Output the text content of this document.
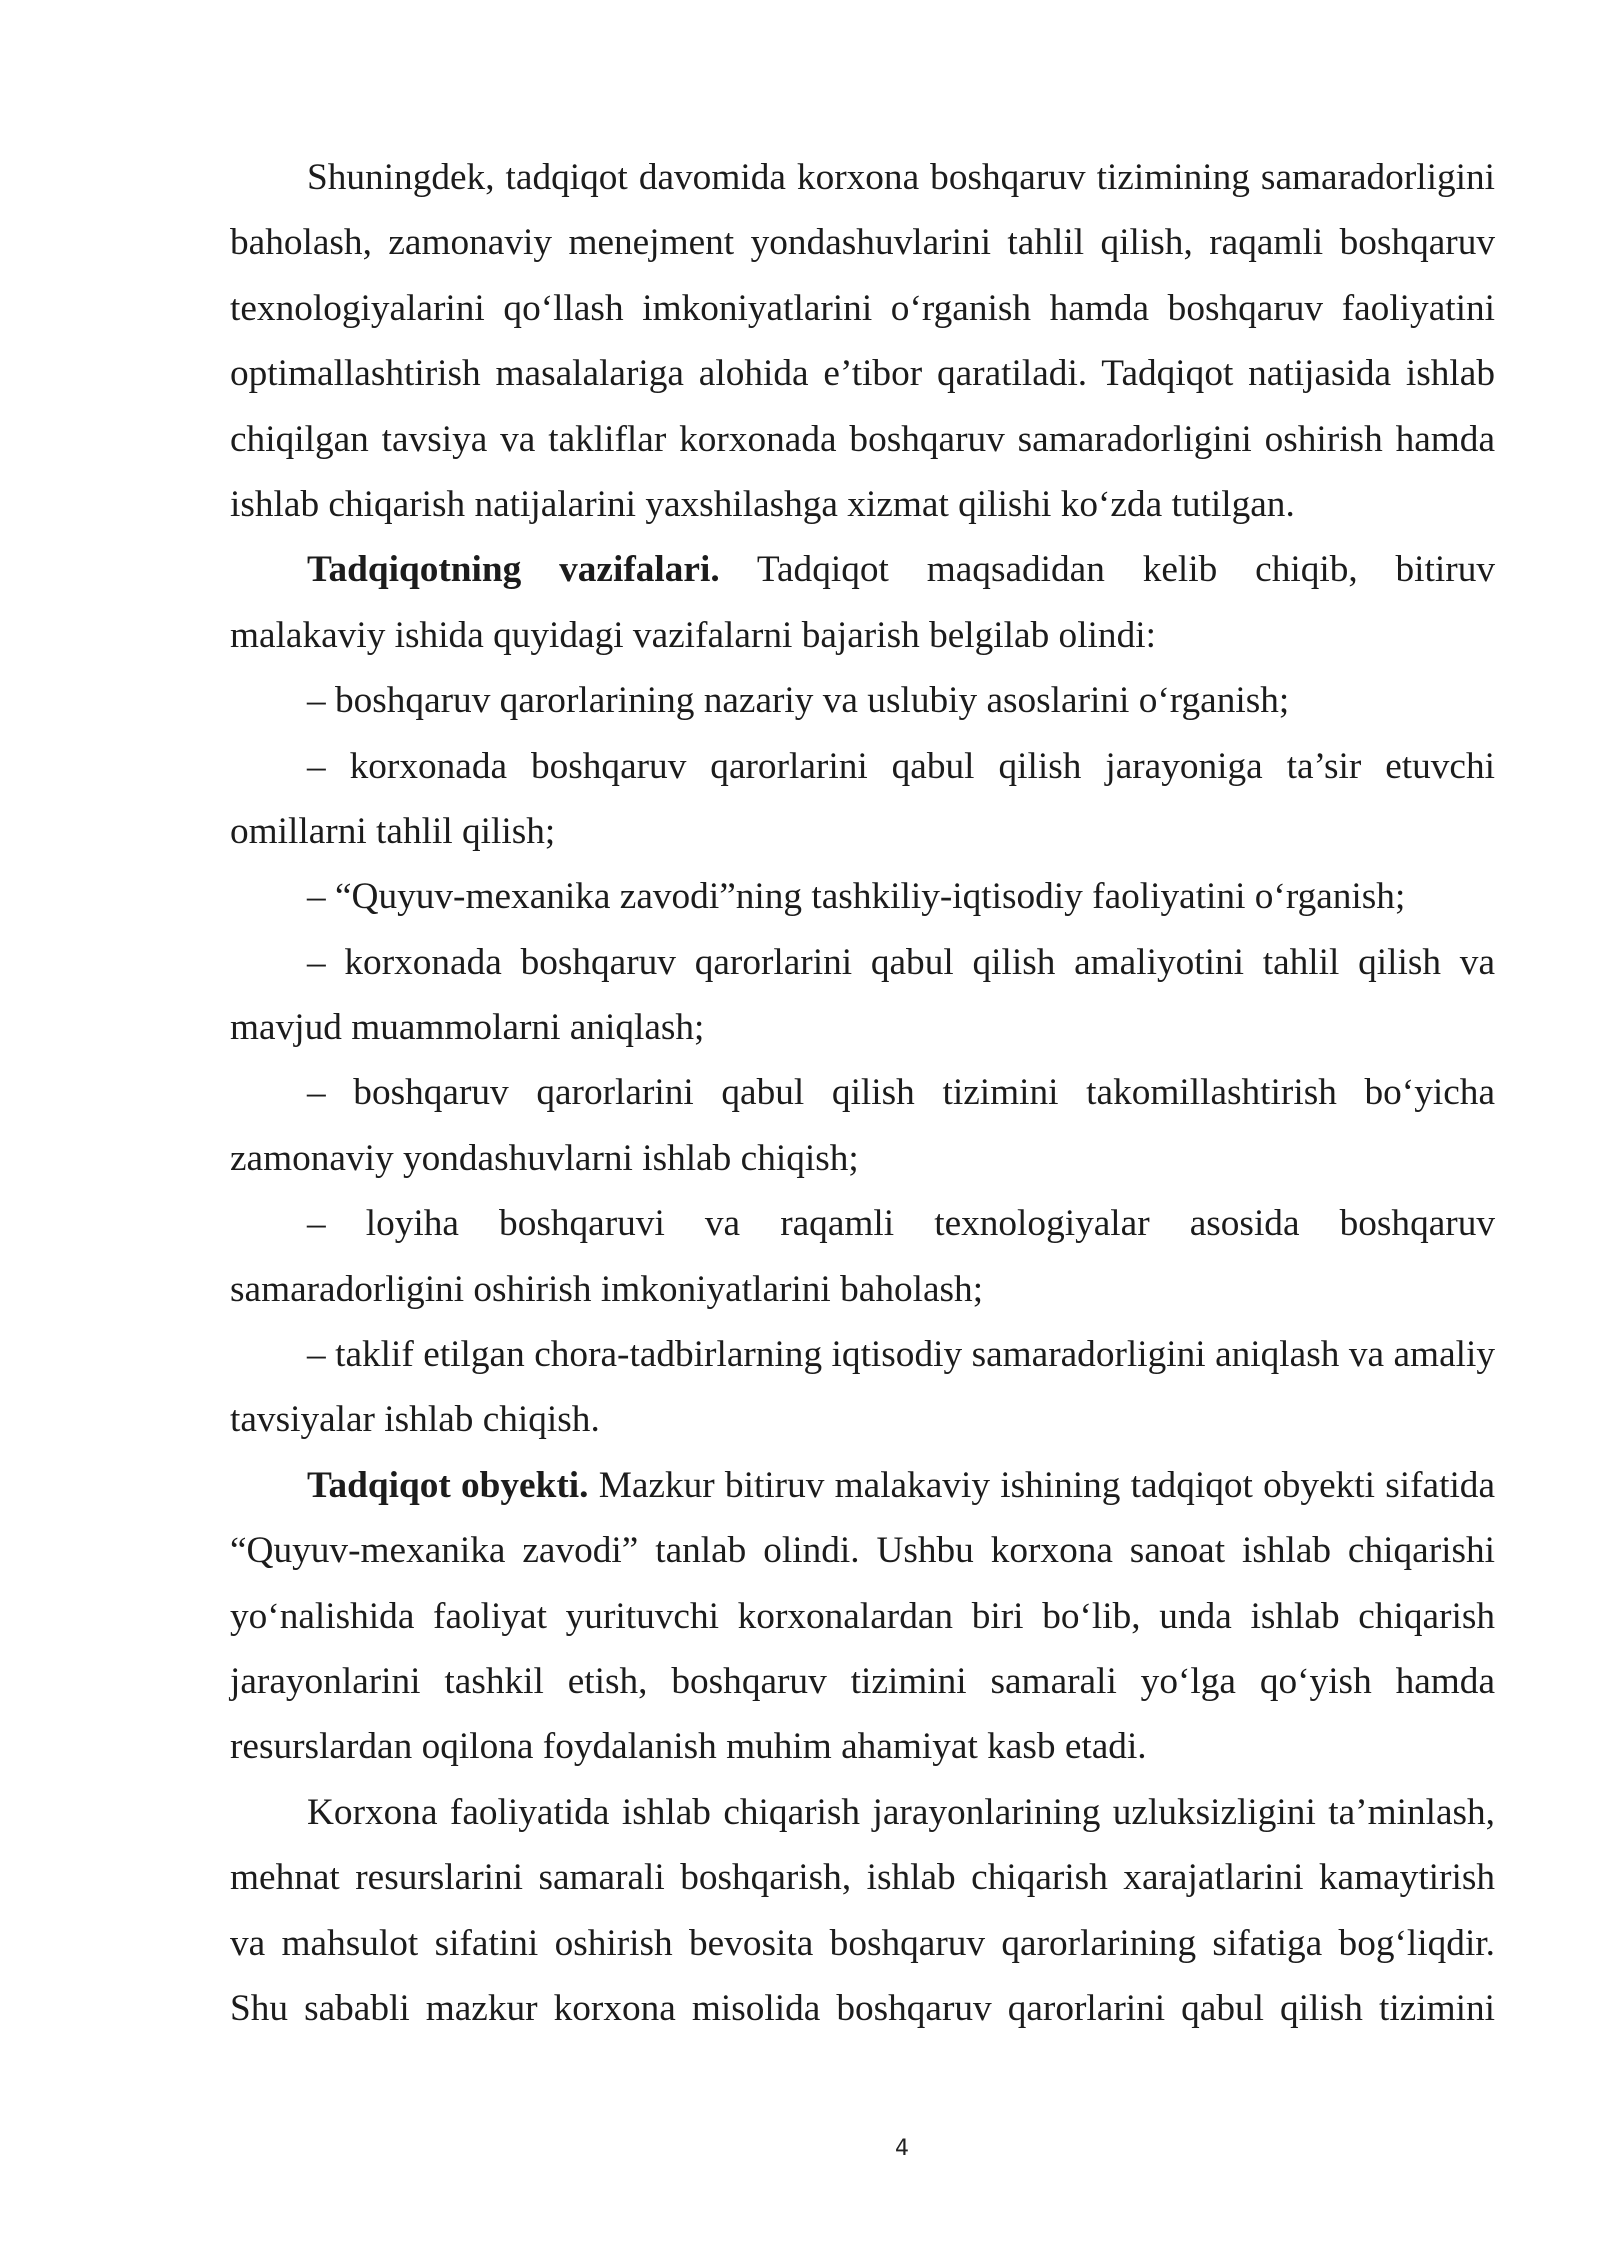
Shuningdek, tadqiqot davomida korxona boshqaruv tizimining samaradorligini
baholash, zamonaviy menejment yondashuvlarini tahlil qilish, raqamli boshqaruv
texnologiyalarini qo‘llash imkoniyatlarini o‘rganish hamda boshqaruv faoliyatini
optimallashtirish masalalariga alohida e’tibor qaratiladi. Tadqiqot natijasida ishlab
chiqilgan tavsiya va takliflar korxonada boshqaruv samaradorligini oshirish hamda
ishlab chiqarish natijalarini yaxshilashga xizmat qilishi ko‘zda tutilgan.
Tadqiqotning vazifalari. Tadqiqot maqsadidan kelib chiqib, bitiruv
malakaviy ishida quyidagi vazifalarni bajarish belgilab olindi:
– boshqaruv qarorlarining nazariy va uslubiy asoslarini o‘rganish;
– korxonada boshqaruv qarorlarini qabul qilish jarayoniga ta’sir etuvchi
omillarni tahlil qilish;
– “Quyuv-mexanika zavodi”ning tashkiliy-iqtisodiy faoliyatini o‘rganish;
– korxonada boshqaruv qarorlarini qabul qilish amaliyotini tahlil qilish va
mavjud muammolarni aniqlash;
– boshqaruv qarorlarini qabul qilish tizimini takomillashtirish bo‘yicha
zamonaviy yondashuvlarni ishlab chiqish;
– loyiha boshqaruvi va raqamli texnologiyalar asosida boshqaruv
samaradorligini oshirish imkoniyatlarini baholash;
– taklif etilgan chora-tadbirlarning iqtisodiy samaradorligini aniqlash va amaliy
tavsiyalar ishlab chiqish.
Tadqiqot obyekti. Mazkur bitiruv malakaviy ishining tadqiqot obyekti sifatida
“Quyuv-mexanika zavodi” tanlab olindi. Ushbu korxona sanoat ishlab chiqarishi
yo‘nalishida faoliyat yurituvchi korxonalardan biri bo‘lib, unda ishlab chiqarish
jarayonlarini tashkil etish, boshqaruv tizimini samarali yo‘lga qo‘yish hamda
resurslardan oqilona foydalanish muhim ahamiyat kasb etadi.
Korxona faoliyatida ishlab chiqarish jarayonlarining uzluksizligini ta’minlash,
mehnat resurslarini samarali boshqarish, ishlab chiqarish xarajatlarini kamaytirish
va mahsulot sifatini oshirish bevosita boshqaruv qarorlarining sifatiga bog‘liqdir.
Shu sababli mazkur korxona misolida boshqaruv qarorlarini qabul qilish tizimini
4
